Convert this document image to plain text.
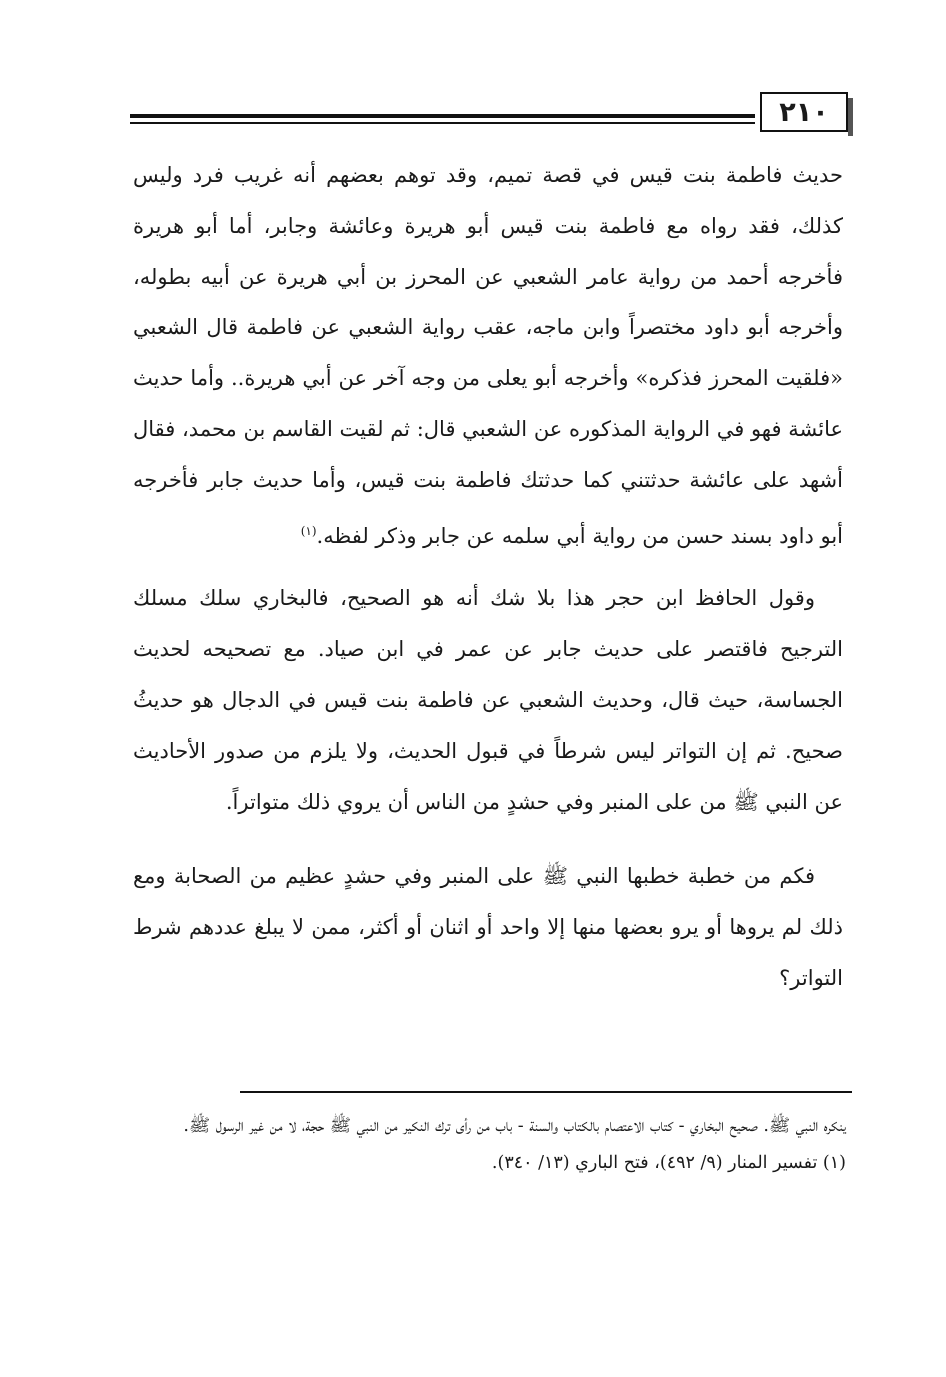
٢١٠

حديث فاطمة بنت قيس في قصة تميم، وقد توهم بعضهم أنه غريب فرد وليس كذلك، فقد رواه مع فاطمة بنت قيس أبو هريرة وعائشة وجابر، أما أبو هريرة فأخرجه أحمد من رواية عامر الشعبي عن المحرز بن أبي هريرة عن أبيه بطوله، وأخرجه أبو داود مختصراً وابن ماجه، عقب رواية الشعبي عن فاطمة قال الشعبي «فلقيت المحرز فذكره» وأخرجه أبو يعلى من وجه آخر عن أبي هريرة.. وأما حديث عائشة فهو في الرواية المذكوره عن الشعبي قال: ثم لقيت القاسم بن محمد، فقال أشهد على عائشة حدثتني كما حدثتك فاطمة بنت قيس، وأما حديث جابر فأخرجه أبو داود بسند حسن من رواية أبي سلمه عن جابر وذكر لفظه.$^{(١)}$

وقول الحافظ ابن حجر هذا بلا شك أنه هو الصحيح، فالبخاري سلك مسلك الترجيح فاقتصر على حديث جابر عن عمر في ابن صياد. مع تصحيحه لحديث الجساسة، حيث قال، وحديث الشعبي عن فاطمة بنت قيس في الدجال هو حديثُ صحيح. ثم إن التواتر ليس شرطاً في قبول الحديث، ولا يلزم من صدور الأحاديث عن النبي ﷺ من على المنبر وفي حشدٍ من الناس أن يروي ذلك متواتراً.

فكم من خطبة خطبها النبي ﷺ على المنبر وفي حشدٍ عظيم من الصحابة ومع ذلك لم يروها أو يرو بعضها منها إلا واحد أو اثنان أو أكثر، ممن لا يبلغ عددهم شرط التواتر؟

ينكره النبي ﷺ. صحيح البخاري - كتاب الاعتصام بالكتاب والسنة - باب من رأى ترك النكير من النبي ﷺ حجة، لا من غير الرسول ﷺ.

(١) تفسير المنار (٩/ ٤٩٢)، فتح الباري (١٣/ ٣٤٠).
